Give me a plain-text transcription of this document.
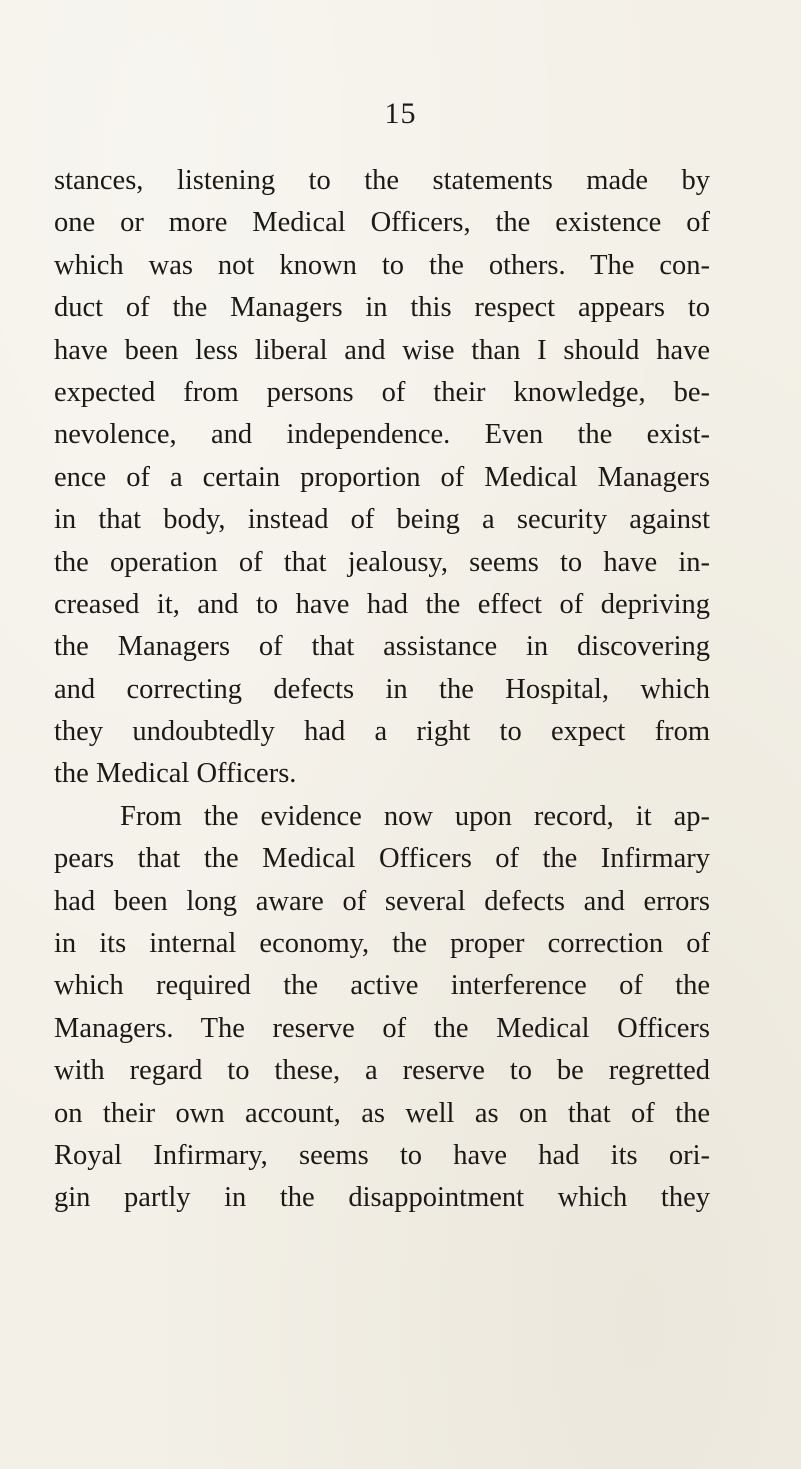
15
stances, listening to the statements made by
one or more Medical Officers, the existence of
which was not known to the others. The con-
duct of the Managers in this respect appears to
have been less liberal and wise than I should have
expected from persons of their knowledge, be-
nevolence, and independence. Even the exist-
ence of a certain proportion of Medical Managers
in that body, instead of being a security against
the operation of that jealousy, seems to have in-
creased it, and to have had the effect of depriving
the Managers of that assistance in discovering
and correcting defects in the Hospital, which
they undoubtedly had a right to expect from
the Medical Officers.
From the evidence now upon record, it ap-
pears that the Medical Officers of the Infirmary
had been long aware of several defects and errors
in its internal economy, the proper correction of
which required the active interference of the
Managers. The reserve of the Medical Officers
with regard to these, a reserve to be regretted
on their own account, as well as on that of the
Royal Infirmary, seems to have had its ori-
gin partly in the disappointment which they
